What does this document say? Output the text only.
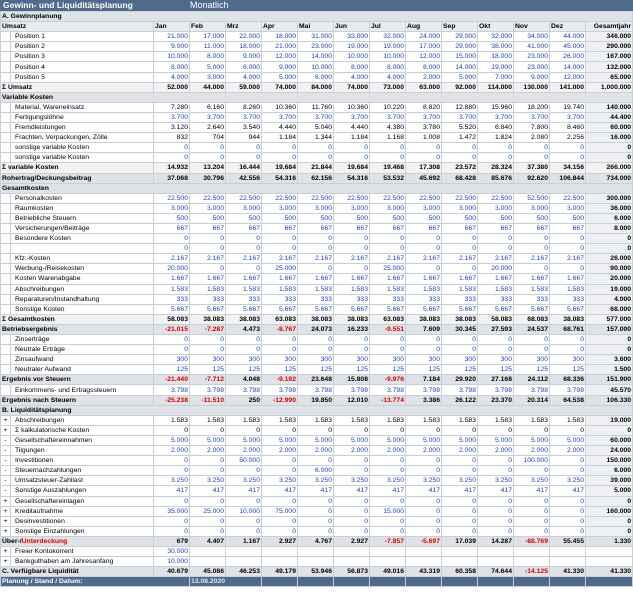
Gewinn- und Liquiditätsplanung	Monatlich
A. Gewinnplanung														
Umsatz		Jan	Feb	Mrz	Apr	Mai	Jun	Jul	Aug	Sep	Okt	Nov	Dez	Gesamtjahr
	Position 1	21.000	17.000	22.000	18.000	31.000	33.000	32.000	24.000	29.000	32.000	34.000	44.000	346.000
	Position 2	9.000	11.000	18.000	21.000	23.000	19.000	19.000	17.000	29.000	38.000	41.000	45.000	290.000
	Position 3	10.000	8.000	9.000	12.000	14.000	10.000	10.000	12.000	15.000	18.000	23.000	26.000	167.000
	Position 4	8.000	5.000	6.000	9.000	10.000	8.000	8.000	8.000	14.000	19.000	23.000	14.000	132.000
	Position 5	4.000	3.000	4.000	5.000	6.000	4.000	4.000	2.000	5.000	7.000	9.000	12.000	65.000
Σ Umsatz		52.000	44.000	59.000	74.000	84.000	74.000	73.000	63.000	92.000	114.000	130.000	141.000	1.000.000
Variable Kosten														
	Material, Wareneinsatz	7.280	6.160	8.260	10.360	11.760	10.360	10.220	8.820	12.880	15.960	18.200	19.740	140.000
	Fertigungslöhne	3.700	3.700	3.700	3.700	3.700	3.700	3.700	3.700	3.700	3.700	3.700	3.700	44.400
	Fremdleistungen	3.120	2.640	3.540	4.440	5.040	4.440	4.380	3.780	5.520	6.840	7.800	8.460	60.000
	Frachten, Verpackungen, Zölle	832	704	944	1.184	1.344	1.184	1.168	1.008	1.472	1.824	2.080	2.256	16.000
	sonstige variable Kosten	0	0	0	0	0	0	0	0	0	0	0	0	0
	sonstige variable Kosten	0	0	0	0	0	0	0	0	0	0	0	0	0
Σ variable Kosten		14.932	13.204	16.444	19.684	21.844	19.684	19.468	17.308	23.572	28.324	37.380	34.156	266.000
Rohertrag/Deckungsbeitrag		37.068	30.796	42.556	54.316	62.156	54.316	53.532	45.692	68.428	85.676	92.620	106.844	734.000
Gesamtkosten														
	Personalkosten	22.500	22.500	22.500	22.500	22.500	22.500	22.500	22.500	22.500	22.500	52.500	22.500	300.000
	Raumkosten	3.000	3.000	3.000	3.000	3.000	3.000	3.000	3.000	3.000	3.000	3.000	3.000	36.000
	Betriebliche Steuern	500	500	500	500	500	500	500	500	500	500	500	500	6.000
	Versicherungen/Beiträge	667	667	667	667	667	667	667	667	667	667	667	667	8.000
	Besondere Kosten	0	0	0	0	0	0	0	0	0	0	0	0	0
		0	0	0	0	0	0	0	0	0	0	0	0	0
	Kfz.-Kosten	2.167	2.167	2.167	2.167	2.167	2.167	2.167	2.167	2.167	2.167	2.167	2.167	26.000
	Werbung-/Reisekosten	20.000	0	0	25.000	0	0	25.000	0	0	20.000	0	0	90.000
	Kosten Warenabgabe	1.667	1.667	1.667	1.667	1.667	1.667	1.667	1.667	1.667	1.667	1.667	1.667	20.000
	Abschreibungen	1.583	1.583	1.583	1.583	1.583	1.583	1.583	1.583	1.583	1.583	1.583	1.583	19.000
	Reparaturen/Instandhaltung	333	333	333	333	333	333	333	333	333	333	333	333	4.000
	Sonstige Kosten	5.667	5.667	5.667	5.667	5.667	5.667	5.667	5.667	5.667	5.667	5.667	5.667	68.000
Σ Gesamtkosten		58.083	38.083	38.083	63.083	38.083	38.083	63.083	38.083	38.083	58.083	68.083	38.083	577.000
Betriebsergebnis		-21.015	-7.287	4.473	-8.767	24.073	16.233	-9.551	7.609	30.345	27.593	24.537	68.761	157.000
	Zinserträge	0	0	0	0	0	0	0	0	0	0	0	0	0
	Neutrale Erträge	0	0	0	0	0	0	0	0	0	0	0	0	0
	Zinsaufwand	300	300	300	300	300	300	300	300	300	300	300	300	3.600
	Neutraler Aufwand	125	125	125	125	125	125	125	125	125	125	125	125	1.500
Ergebnis vor Steuern		-21.440	-7.712	4.048	-9.192	23.648	15.808	-9.976	7.184	29.920	27.168	24.112	68.336	151.900
	Einkommens- und Ertragssteuern	3.798	3.798	3.798	3.798	3.798	3.798	3.798	3.798	3.798	3.798	3.798	3.798	45.570
Ergebnis nach Steuern		-25.238	-11.510	250	-12.990	19.850	12.010	-13.774	3.386	26.122	23.370	20.314	64.538	106.330
B. Liquiditätsplanung														
+	Abschreibungen	1.583	1.583	1.583	1.583	1.583	1.583	1.583	1.583	1.583	1.583	1.583	1.583	19.000
+	Σ kalkulatorische Kosten	0	0	0	0	0	0	0	0	0	0	0	0	0
-	Gesellschaftereinnahmen	5.000	5.000	5.000	5.000	5.000	5.000	5.000	5.000	5.000	5.000	5.000	5.000	60.000
-	Tilgungen	2.000	2.000	2.000	2.000	2.000	2.000	2.000	2.000	2.000	2.000	2.000	2.000	24.000
-	Investitionen	0	0	50.000	0	0	0	0	0	0	0	100.000	0	150.000
-	Steuernachzahlungen	0	0	0	0	6.000	0	0	0	0	0	0	0	6.000
-	Umsatzsteuer-Zahllast	3.250	3.250	3.250	3.250	3.250	3.250	3.250	3.250	3.250	3.250	3.250	3.250	39.000
-	Sonstige Auszahlungen	417	417	417	417	417	417	417	417	417	417	417	417	5.000
+	Gesellschaftereinlagen	0	0	0	0	0	0	0	0	0	0	0	0	0
+	Kreditaufnahme	35.000	25.000	10.000	75.000	0	0	15.000	0	0	0	0	0	160.000
+	Desinvestitionen	0	0	0	0	0	0	0	0	0	0	0	0	0
+	Sonstige Einzahlungen	0	0	0	0	0	0	0	0	0	0	0	0	0
Über-/Unterdeckung		679	4.407	1.167	2.927	4.767	2.927	-7.857	-5.697	17.039	14.287	-88.769	55.455	1.330
+	Freier Kontokorrent	30.000												
+	Bankguthaben am Jahresanfang	10.000												
C. Verfügbare Liquidität		40.679	45.086	46.253	49.179	53.946	56.873	49.016	43.319	60.358	74.644	-14.125	41.330	41.330
Planung / Stand / Datum:			13.08.2020											
